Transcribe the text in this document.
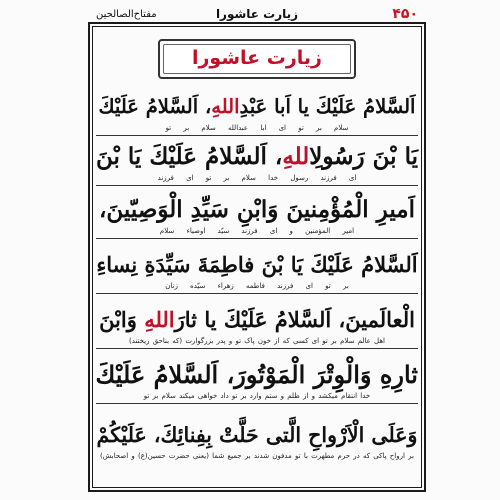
۴۵۰
زیارت عاشورا
مفتاح‌الصالحین
زیارت عاشورا
اَلسَّلامُ عَلَيْكَ يا اَبا عَبْدِاللهِ، اَلسَّلامُ عَلَيْكَ
سلام بر تو ای ابا عبدالله سلام بر تو
يَا بْنَ رَسُولِاللهِ، اَلسَّلامُ عَلَيْكَ يَا بْنَ
ای فرزند رسول خدا سلام بر تو ای فرزند
اَميرِ الْمُؤْمِنينَ وَابْنِ سَيِّدِ الْوَصِيّينَ،
امیر المؤمنین و ای فرزند سیّد اوصیاء سلام
اَلسَّلامُ عَلَيْكَ يَا بْنَ فاطِمَةَ سَيِّدَةِ نِساءِ
بر تو ای فرزند فاطمه زهراء سیّده زنان
الْعالَمينَ، اَلسَّلامُ عَلَيْكَ يا ثارَاللهِ وَابْنَ
اهل عالم سلام بر تو ای کسی که از خون پاک تو و پدر بزرگوارت (که بناحق ریختند)
ثارِهِ وَالْوِتْرَ الْمَوْتُورَ، اَلسَّلامُ عَلَيْكَ
خدا انتقام میکشد و از ظلم و ستم وارد بر تو داد خواهی میکند سلام بر تو
وَعَلَى الْاَرْواحِ الَّتى حَلَّتْ بِفِنائِكَ، عَلَيْكُمْ
بر ارواح پاکی که در حرم مطهرت با تو مدفون شدند بر جمیع شما (یعنی حضرت حسین(ع) و اصحابش)
